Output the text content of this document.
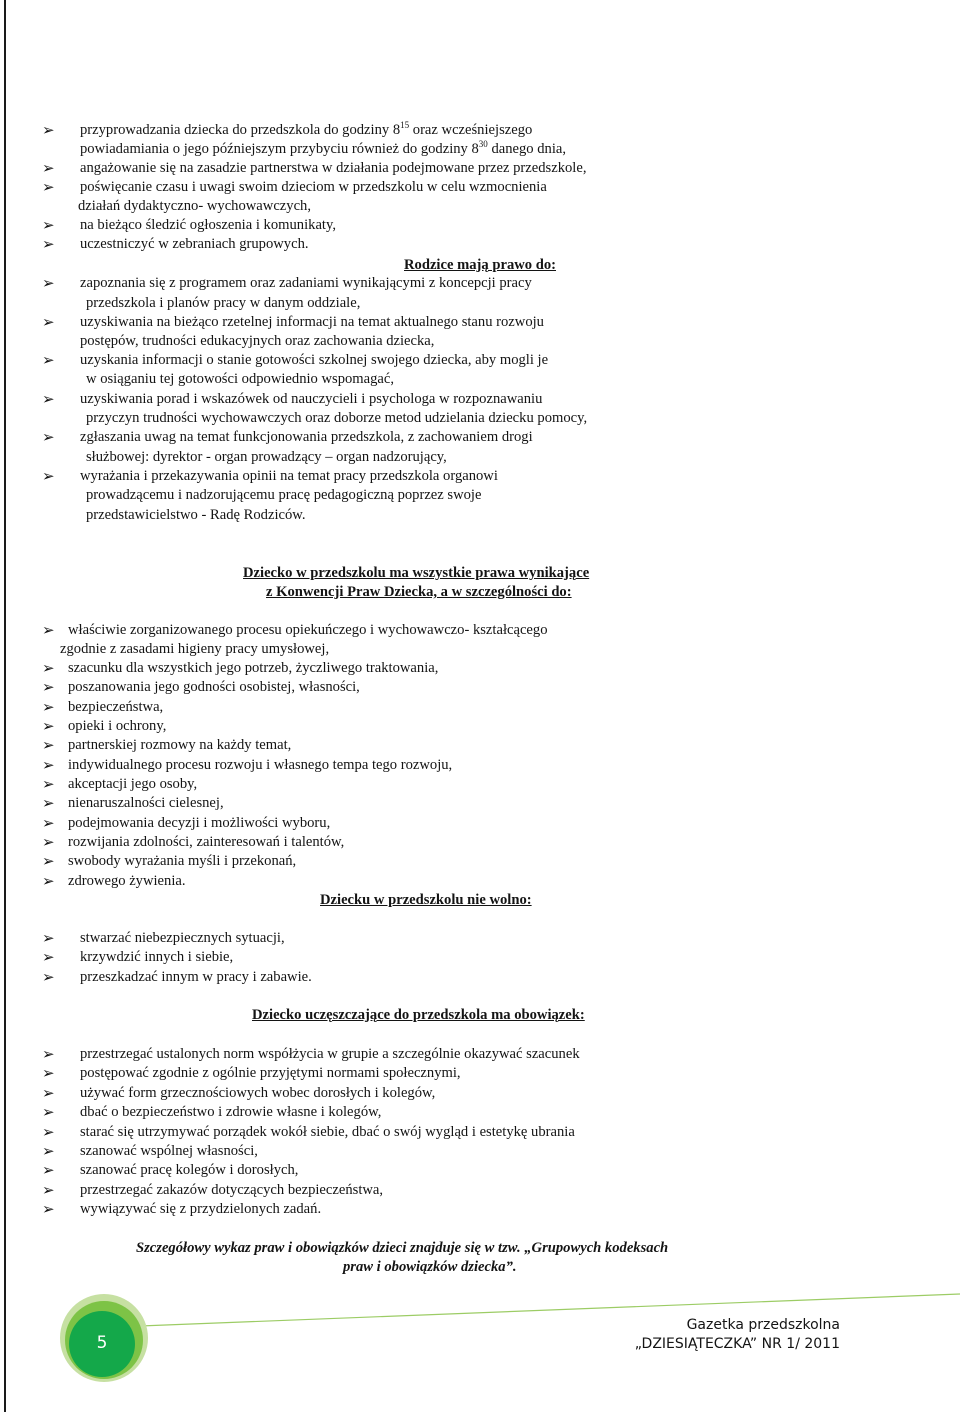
➢ przyprowadzania dziecka do przedszkola do godziny $8^{15}$ oraz wcześniejszego
powiadamiania o jego późniejszym przybyciu również do godziny $8^{30}$ danego dnia,
➢ angażowanie się na zasadzie partnerstwa w działania podejmowane przez przedszkole,
➢ poświęcanie czasu i uwagi swoim dzieciom w przedszkolu w celu wzmocnienia
działań dydaktyczno- wychowawczych,
➢ na bieżąco śledzić ogłoszenia i komunikaty,
➢ uczestniczyć w zebraniach grupowych.
Rodzice mają prawo do:
➢ zapoznania się z programem oraz zadaniami wynikającymi z koncepcji pracy
przedszkola i planów pracy w danym oddziale,
➢ uzyskiwania na bieżąco rzetelnej informacji na temat aktualnego stanu rozwoju
postępów, trudności edukacyjnych oraz zachowania dziecka,
➢ uzyskania informacji o stanie gotowości szkolnej swojego dziecka, aby mogli je
w osiąganiu tej gotowości odpowiednio wspomagać,
➢ uzyskiwania porad i wskazówek od nauczycieli i psychologa w rozpoznawaniu
przyczyn trudności wychowawczych oraz doborze metod udzielania dziecku pomocy,
➢ zgłaszania uwag na temat funkcjonowania przedszkola, z zachowaniem drogi
służbowej: dyrektor - organ prowadzący – organ nadzorujący,
➢ wyrażania i przekazywania opinii na temat pracy przedszkola organowi
prowadzącemu i nadzorującemu pracę pedagogiczną poprzez swoje
przedstawicielstwo - Radę Rodziców.
Dziecko w przedszkolu ma wszystkie prawa wynikające
z Konwencji Praw Dziecka, a w szczególności do:
➢ właściwie zorganizowanego procesu opiekuńczego i wychowawczo- kształcącego
zgodnie z zasadami higieny pracy umysłowej,
➢ szacunku dla wszystkich jego potrzeb, życzliwego traktowania,
➢ poszanowania jego godności osobistej, własności,
➢ bezpieczeństwa,
➢ opieki i ochrony,
➢ partnerskiej rozmowy na każdy temat,
➢ indywidualnego procesu rozwoju i własnego tempa tego rozwoju,
➢ akceptacji jego osoby,
➢ nienaruszalności cielesnej,
➢ podejmowania decyzji i możliwości wyboru,
➢ rozwijania zdolności, zainteresowań i talentów,
➢ swobody wyrażania myśli i przekonań,
➢ zdrowego żywienia.
Dziecku w przedszkolu nie wolno:
➢ stwarzać niebezpiecznych sytuacji,
➢ krzywdzić innych i siebie,
➢ przeszkadzać innym w pracy i zabawie.
Dziecko uczęszczające do przedszkola ma obowiązek:
➢ przestrzegać ustalonych norm współżycia w grupie a szczególnie okazywać szacunek
➢ postępować zgodnie z ogólnie przyjętymi normami społecznymi,
➢ używać form grzecznościowych wobec dorosłych i kolegów,
➢ dbać o bezpieczeństwo i zdrowie własne i kolegów,
➢ starać się utrzymywać porządek wokół siebie, dbać o swój wygląd i estetykę ubrania
➢ szanować wspólnej własności,
➢ szanować pracę kolegów i dorosłych,
➢ przestrzegać zakazów dotyczących bezpieczeństwa,
➢ wywiązywać się z przydzielonych zadań.
Szczegółowy wykaz praw i obowiązków dzieci znajduje się w tzw. „Grupowych kodeksach
praw i obowiązków dziecka”.
5
Gazetka przedszkolna
„DZIESIĄTECZKA” NR 1/ 2011
